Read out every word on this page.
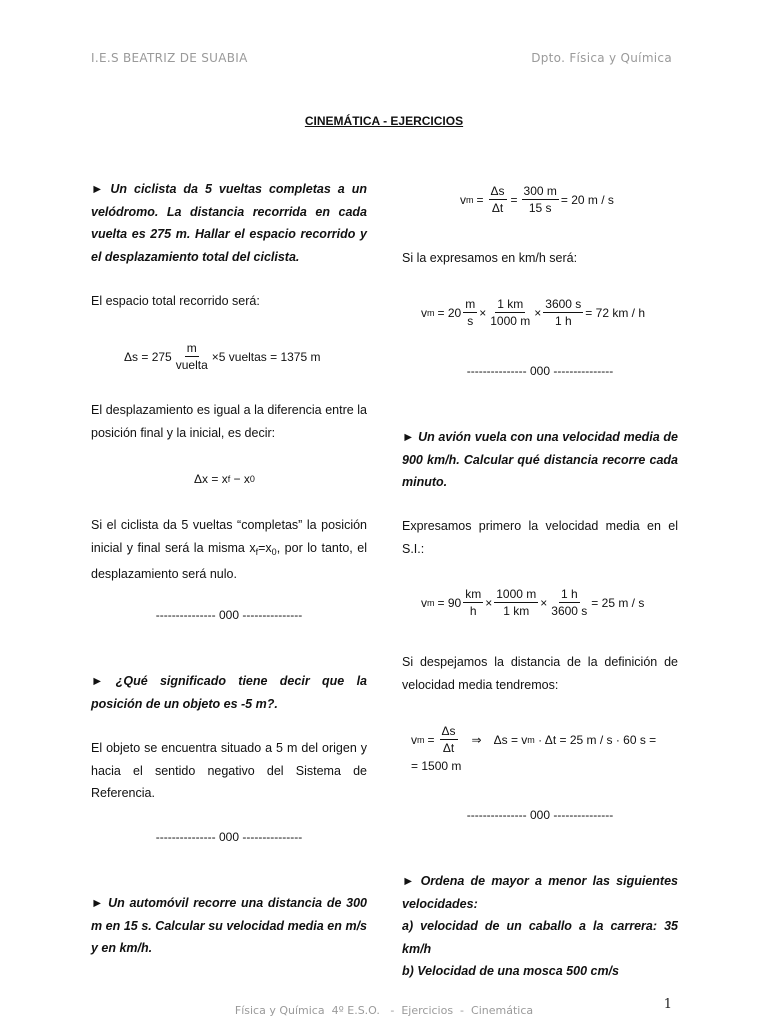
I.E.S BEATRIZ DE SUABIA	Dpto. Física y Química
CINEMÁTICA - EJERCICIOS
► Un ciclista da 5 vueltas completas a un velódromo. La distancia recorrida en cada vuelta es 275 m. Hallar el espacio recorrido y el desplazamiento total del ciclista.
El espacio total recorrido será:
$\Delta s = 275 \frac{m}{\text{vuelta}} \times 5$ vueltas = 1375 m
El desplazamiento es igual a la diferencia entre la posición final y la inicial, es decir:
Δx = x f − x 0
Si el ciclista da 5 vueltas “completas” la posición inicial y final será la misma $x_f=x_0$, por lo tanto, el desplazamiento será nulo.
--------------- 000 ---------------
► ¿Qué significado tiene decir que la posición de un objeto es -5 m?.
El objeto se encuentra situado a 5 m del origen y hacia el sentido negativo del Sistema de Referencia.
--------------- 000 ---------------
► Un automóvil recorre una distancia de 300 m en 15 s. Calcular su velocidad media en m/s y en km/h.
v $m = \frac{\Delta s}{\Delta t} = \frac{300 m}{15 s} = 20$ m / s
Si la expresamos en km/h será:
v $m = 20 \frac{m}{s} \times \frac{1 km}{1000 m} \times \frac{3600 s}{1 h} = 72$ km / h
--------------- 000 ---------------
► Un avión vuela con una velocidad media de 900 km/h. Calcular qué distancia recorre cada minuto.
Expresamos primero la velocidad media en el S.I.:
v $m = 90 \frac{km}{h} \times \frac{1000 m}{1 km} \times \frac{1 h}{3600 s} = 25$ m / s
Si despejamos la distancia de la definición de velocidad media tendremos:
v $m = \frac{\Delta s}{\Delta t}$ ⇒ Δs = v m · Δt = 25 m / s · 60 s =
= 1500 m
--------------- 000 ---------------
► Ordena de mayor a menor las siguientes velocidades:
a) velocidad de un caballo a la carrera: 35 km/h
b) Velocidad de una mosca 500 cm/s
Física y Química  4º E.S.O.   -  Ejercicios  -  Cinemática	1
